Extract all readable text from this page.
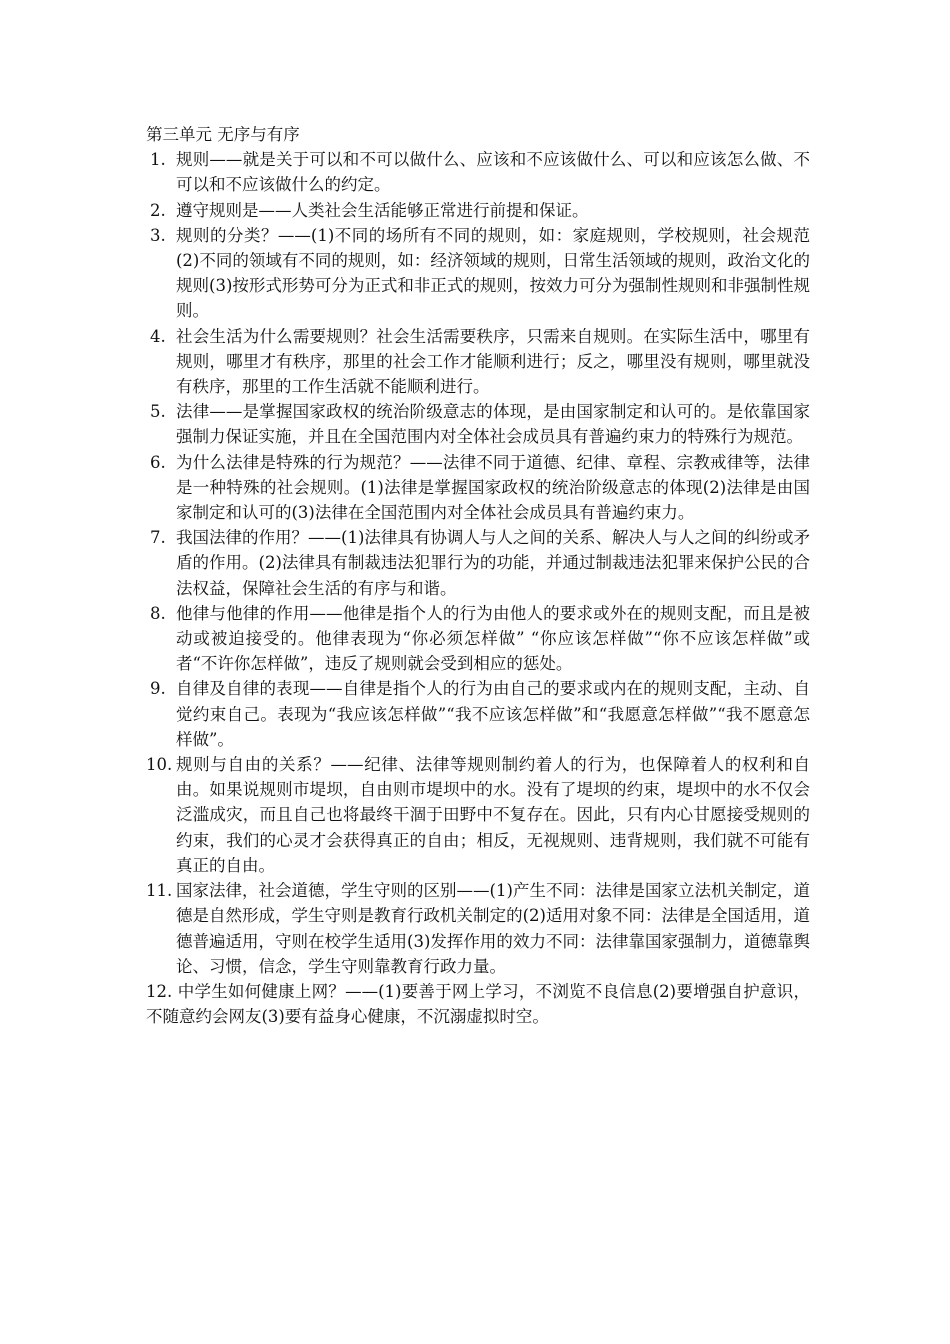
第三单元 无序与有序

1. 规则——就是关于可以和不可以做什么、应该和不应该做什么、可以和应该怎么做、不可以和不应该做什么的约定。
2. 遵守规则是——人类社会生活能够正常进行前提和保证。
3. 规则的分类？——(1)不同的场所有不同的规则，如：家庭规则，学校规则，社会规范(2)不同的领域有不同的规则，如：经济领域的规则，日常生活领域的规则，政治文化的规则(3)按形式形势可分为正式和非正式的规则，按效力可分为强制性规则和非强制性规则。
4. 社会生活为什么需要规则？社会生活需要秩序，只需来自规则。在实际生活中，哪里有规则，哪里才有秩序，那里的社会工作才能顺利进行；反之，哪里没有规则，哪里就没有秩序，那里的工作生活就不能顺利进行。
5. 法律——是掌握国家政权的统治阶级意志的体现，是由国家制定和认可的。是依靠国家强制力保证实施，并且在全国范围内对全体社会成员具有普遍约束力的特殊行为规范。
6. 为什么法律是特殊的行为规范？——法律不同于道德、纪律、章程、宗教戒律等，法律是一种特殊的社会规则。(1)法律是掌握国家政权的统治阶级意志的体现(2)法律是由国家制定和认可的(3)法律在全国范围内对全体社会成员具有普遍约束力。
7. 我国法律的作用？——(1)法律具有协调人与人之间的关系、解决人与人之间的纠纷或矛盾的作用。(2)法律具有制裁违法犯罪行为的功能，并通过制裁违法犯罪来保护公民的合法权益，保障社会生活的有序与和谐。
8. 他律与他律的作用——他律是指个人的行为由他人的要求或外在的规则支配，而且是被动或被迫接受的。他律表现为“你必须怎样做” “你应该怎样做”“你不应该怎样做”或者“不许你怎样做”，违反了规则就会受到相应的惩处。
9. 自律及自律的表现——自律是指个人的行为由自己的要求或内在的规则支配，主动、自觉约束自己。表现为“我应该怎样做”“我不应该怎样做”和“我愿意怎样做”“我不愿意怎样做”。
10. 规则与自由的关系？——纪律、法律等规则制约着人的行为，也保障着人的权利和自由。如果说规则市堤坝，自由则市堤坝中的水。没有了堤坝的约束，堤坝中的水不仅会泛滥成灾，而且自己也将最终干涸于田野中不复存在。因此，只有内心甘愿接受规则的约束，我们的心灵才会获得真正的自由；相反，无视规则、违背规则，我们就不可能有真正的自由。
11. 国家法律，社会道德，学生守则的区别——(1)产生不同：法律是国家立法机关制定，道德是自然形成，学生守则是教育行政机关制定的(2)适用对象不同：法律是全国适用，道德普遍适用，守则在校学生适用(3)发挥作用的效力不同：法律靠国家强制力，道德靠舆论、习惯，信念，学生守则靠教育行政力量。

12. 中学生如何健康上网？——(1)要善于网上学习，不浏览不良信息(2)要增强自护意识，不随意约会网友(3)要有益身心健康，不沉溺虚拟时空。
